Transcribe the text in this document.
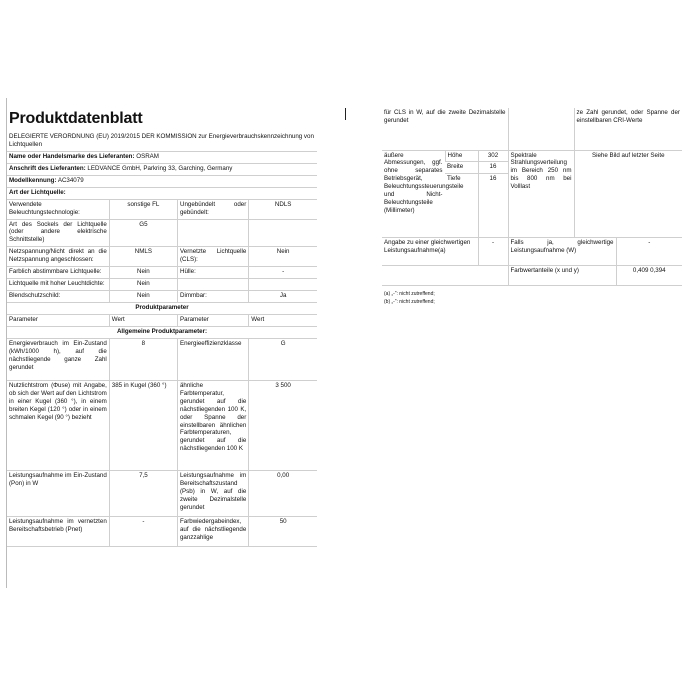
Produktdatenblatt
DELEGIERTE VERORDNUNG (EU) 2019/2015 DER KOMMISSION zur Energieverbrauchskennzeichnung von Lichtquellen			
Name oder Handelsmarke des Lieferanten: OSRAM			
Anschrift des Lieferanten: LEDVANCE GmbH, Parkring 33, Garching, Germany			
Modellkennung: AC34079			
Art der Lichtquelle:			
Verwendete Beleuchtungstechnologie:	sonstige FL	Ungebündelt oder gebündelt:	NDLS
Art des Sockels der Lichtquelle (oder andere elektrische Schnittstelle)	G5		
Netzspannung/Nicht direkt an die Netzspannung angeschlossen:	NMLS	Vernetzte Lichtquelle (CLS):	Nein
Farblich abstimmbare Lichtquelle:	Nein	Hülle:	-
Lichtquelle mit hoher Leuchtdichte:	Nein		
Blendschutzschild:	Nein	Dimmbar:	Ja
Produktparameter			
Parameter	Wert	Parameter	Wert
Allgemeine Produktparameter:			
Energieverbrauch im Ein-Zustand (kWh/1000 h), auf die nächstliegende ganze Zahl gerundet	8	Energieeffizienzklasse	G
Nutzlichtstrom (Φuse) mit Angabe, ob sich der Wert auf den Lichtstrom in einer Kugel (360 °), in einem breiten Kegel (120 °) oder in einem schmalen Kegel (90 °) bezieht	385 in Kugel (360 °)	ähnliche Farbtemperatur, gerundet auf die nächstliegenden 100 K, oder Spanne der einstellbaren ähnlichen Farbtemperaturen, gerundet auf die nächstliegenden 100 K	3 500
Leistungsaufnahme im Ein-Zustand (Pon) in W	7,5	Leistungsaufnahme im Bereitschaftszustand (Psb) in W, auf die zweite Dezimalstelle gerundet	0,00
Leistungsaufnahme im vernetzten Bereitschaftsbetrieb (Pnet)	-	Farbwiedergabeindex, auf die nächstliegende ganzzahlige	50
für CLS in W, auf die zweite Dezimalstelle gerundet				ze Zahl gerundet, oder Spanne der einstellbaren CRI-Werte	
äußere Abmessungen, ggf. ohne separates Betriebsgerät, Beleuchtungssteuerungsteile und Nicht-Beleuchtungsteile (Millimeter)	Höhe	302	Spektrale Strahlungsverteilung im Bereich 250 nm bis 800 nm bei Volllast	Siehe Bild auf letzter Seite	
	Breite	16			
	Tiefe	16			
Angabe zu einer gleichwertigen Leistungsaufnahme(a)		-	Falls ja, gleichwertige Leistungsaufnahme (W)		-
			Farbwertanteile (x und y)		0,409 0,394
(a) „-“: nicht zutreffend;
(b) „-“: nicht zutreffend;
